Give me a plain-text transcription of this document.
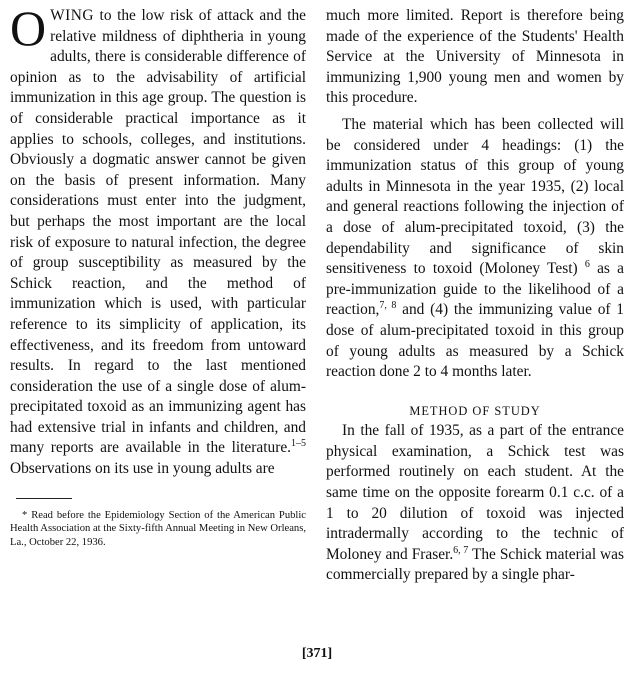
OWING to the low risk of attack and the relative mildness of diphtheria in young adults, there is considerable difference of opinion as to the advisability of artificial immunization in this age group. The question is of considerable practical importance as it applies to schools, colleges, and institutions. Obviously a dogmatic answer cannot be given on the basis of present information. Many considerations must enter into the judgment, but perhaps the most important are the local risk of exposure to natural infection, the degree of group susceptibility as measured by the Schick reaction, and the method of immunization which is used, with particular reference to its simplicity of application, its effectiveness, and its freedom from untoward results. In regard to the last mentioned consideration the use of a single dose of alum-precipitated toxoid as an immunizing agent has had extensive trial in infants and children, and many reports are available in the literature.$^{1-5}$ Observations on its use in young adults are

* Read before the Epidemiology Section of the American Public Health Association at the Sixty-fifth Annual Meeting in New Orleans, La., October 22, 1936.

much more limited. Report is therefore being made of the experience of the Students' Health Service at the University of Minnesota in immunizing 1,900 young men and women by this procedure.

The material which has been collected will be considered under 4 headings: (1) the immunization status of this group of young adults in Minnesota in the year 1935, (2) local and general reactions following the injection of a dose of alum-precipitated toxoid, (3) the dependability and significance of skin sensitiveness to toxoid (Moloney Test) $^6$ as a pre-immunization guide to the likelihood of a reaction,$^{7, 8}$ and (4) the immunizing value of 1 dose of alum-precipitated toxoid in this group of young adults as measured by a Schick reaction done 2 to 4 months later.

METHOD OF STUDY

In the fall of 1935, as a part of the entrance physical examination, a Schick test was performed routinely on each student. At the same time on the opposite forearm 0.1 c.c. of a 1 to 20 dilution of toxoid was injected intradermally according to the technic of Moloney and Fraser.$^{6, 7}$ The Schick material was commercially prepared by a single phar-

[371]
